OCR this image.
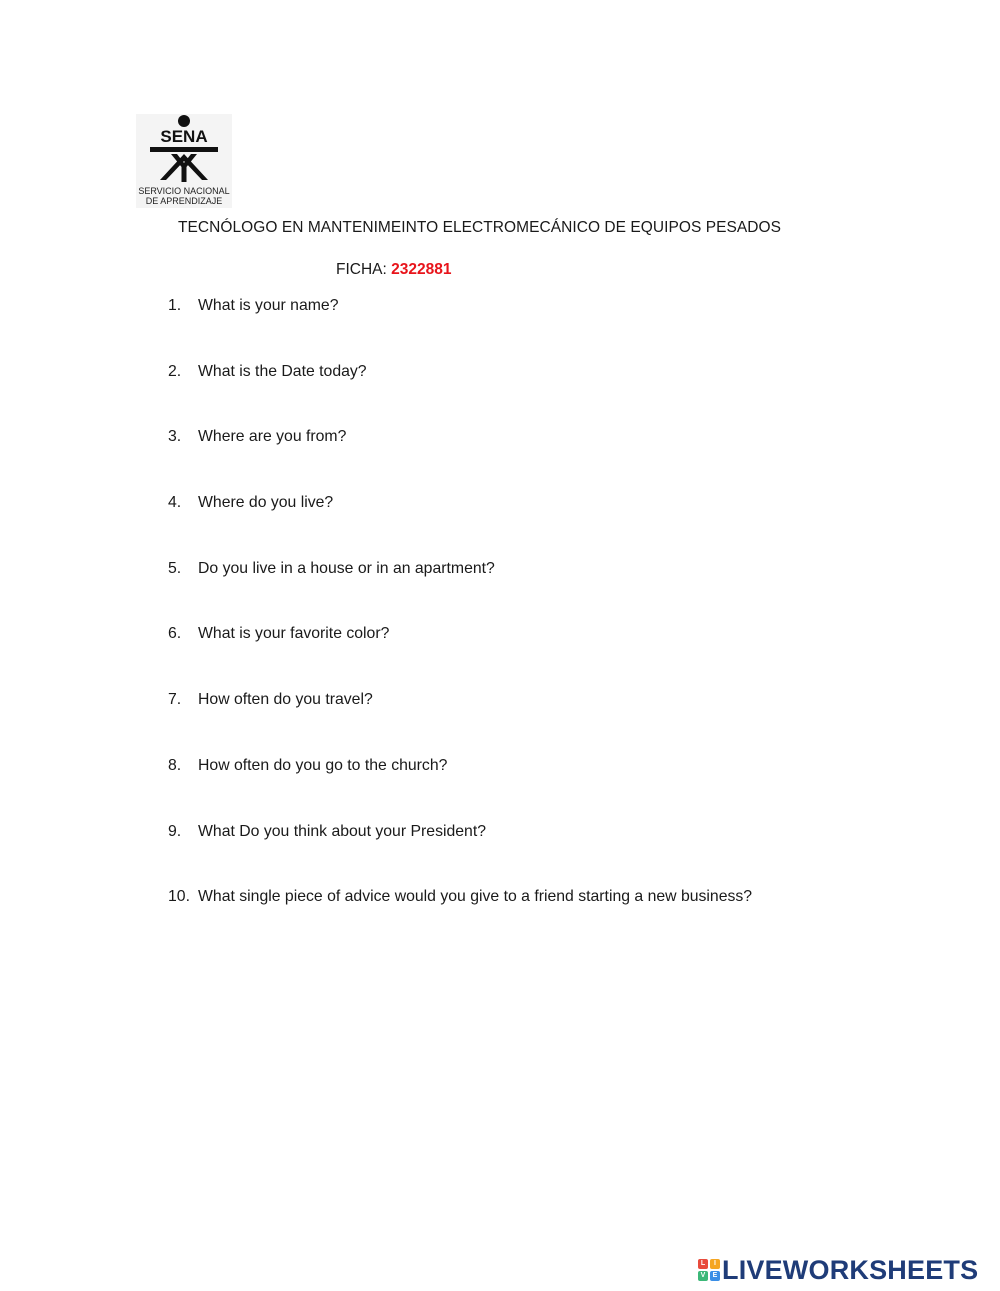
SENA
SERVICIO NACIONAL
DE APRENDIZAJE
TECNÓLOGO EN MANTENIMEINTO ELECTROMECÁNICO DE EQUIPOS PESADOS
FICHA: 2322881
1. What is your name?
2. What is the Date today?
3. Where are you from?
4. Where do you live?
5. Do you live in a house or in an apartment?
6. What is your favorite color?
7. How often do you travel?
8. How often do you go to the church?
9. What Do you think about your President?
10. What single piece of advice would you give to a friend starting a new business?
L	I
V	E LIVEWORKSHEETS
